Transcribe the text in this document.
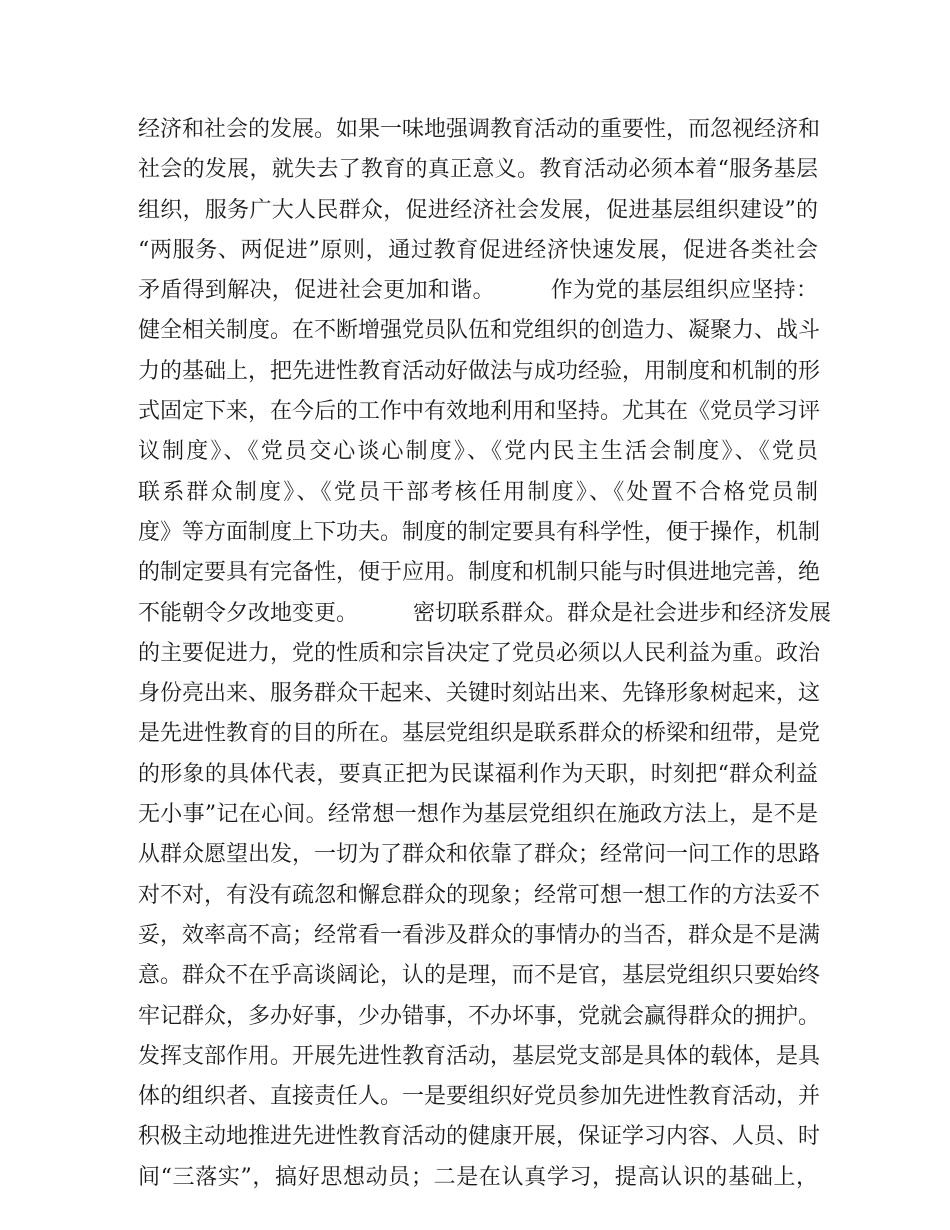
经济和社会的发展。如果一味地强调教育活动的重要性，而忽视经济和
社会的发展，就失去了教育的真正意义。教育活动必须本着“服务基层
组织，服务广大人民群众，促进经济社会发展，促进基层组织建设”的
“两服务、两促进”原则，通过教育促进经济快速发展，促进各类社会
矛盾得到解决，促进社会更加和谐。　　　作为党的基层组织应坚持：
健全相关制度。在不断增强党员队伍和党组织的创造力、凝聚力、战斗
力的基础上，把先进性教育活动好做法与成功经验，用制度和机制的形
式固定下来，在今后的工作中有效地利用和坚持。尤其在《党员学习评
议制度》、《党员交心谈心制度》、《党内民主生活会制度》、《党员
联系群众制度》、《党员干部考核任用制度》、《处置不合格党员制
度》等方面制度上下功夫。制度的制定要具有科学性，便于操作，机制
的制定要具有完备性，便于应用。制度和机制只能与时俱进地完善，绝
不能朝令夕改地变更。　　　密切联系群众。群众是社会进步和经济发展
的主要促进力，党的性质和宗旨决定了党员必须以人民利益为重。政治
身份亮出来、服务群众干起来、关键时刻站出来、先锋形象树起来，这
是先进性教育的目的所在。基层党组织是联系群众的桥梁和纽带，是党
的形象的具体代表，要真正把为民谋福利作为天职，时刻把“群众利益
无小事”记在心间。经常想一想作为基层党组织在施政方法上，是不是
从群众愿望出发，一切为了群众和依靠了群众；经常问一问工作的思路
对不对，有没有疏忽和懈怠群众的现象；经常可想一想工作的方法妥不
妥，效率高不高；经常看一看涉及群众的事情办的当否，群众是不是满
意。群众不在乎高谈阔论，认的是理，而不是官，基层党组织只要始终
牢记群众，多办好事，少办错事，不办坏事，党就会赢得群众的拥护。
发挥支部作用。开展先进性教育活动，基层党支部是具体的载体，是具
体的组织者、直接责任人。一是要组织好党员参加先进性教育活动，并
积极主动地推进先进性教育活动的健康开展，保证学习内容、人员、时
间“三落实”，搞好思想动员；二是在认真学习，提高认识的基础上，
